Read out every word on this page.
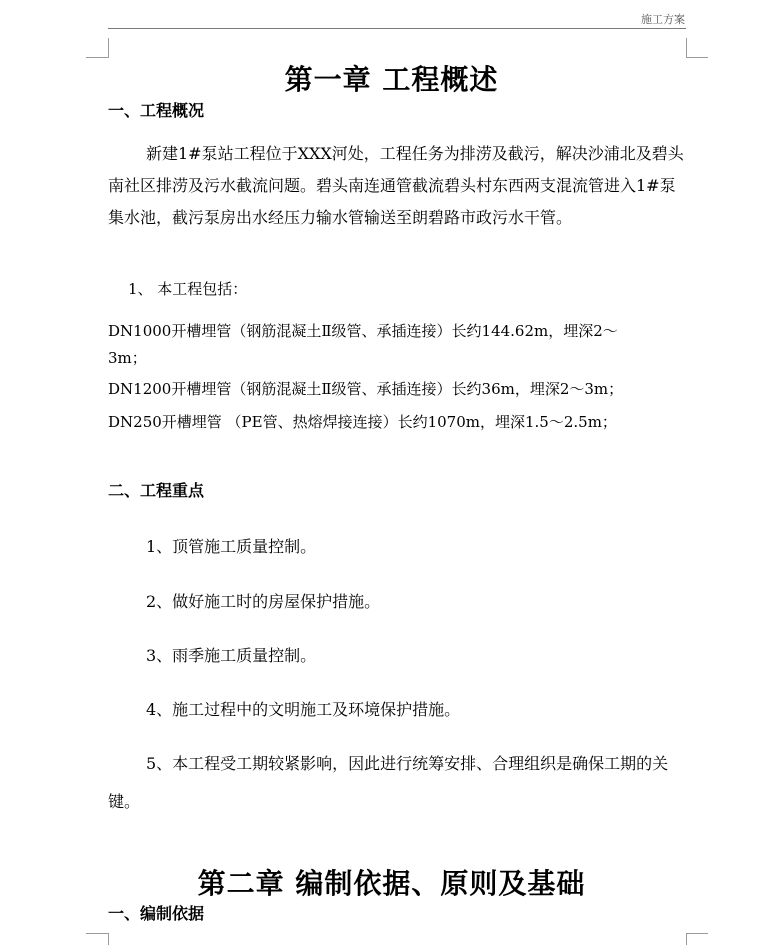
施工方案
第一章 工程概述
一、工程概况
新建1#泵站工程位于XXX河处，工程任务为排涝及截污，解决沙浦北及碧头南社区排涝及污水截流问题。碧头南连通管截流碧头村东西两支混流管进入1#泵集水池，截污泵房出水经压力输水管输送至朗碧路市政污水干管。
1、 本工程包括：
DN1000开槽埋管（钢筋混凝土Ⅱ级管、承插连接）长约144.62m，埋深2～
3m；
DN1200开槽埋管（钢筋混凝土Ⅱ级管、承插连接）长约36m，埋深2～3m；
DN250开槽埋管 （PE管、热熔焊接连接）长约1070m，埋深1.5～2.5m；
二、工程重点
1、顶管施工质量控制。
2、做好施工时的房屋保护措施。
3、雨季施工质量控制。
4、施工过程中的文明施工及环境保护措施。
5、本工程受工期较紧影响，因此进行统筹安排、合理组织是确保工期的关键。
第二章 编制依据、原则及基础
一、编制依据
